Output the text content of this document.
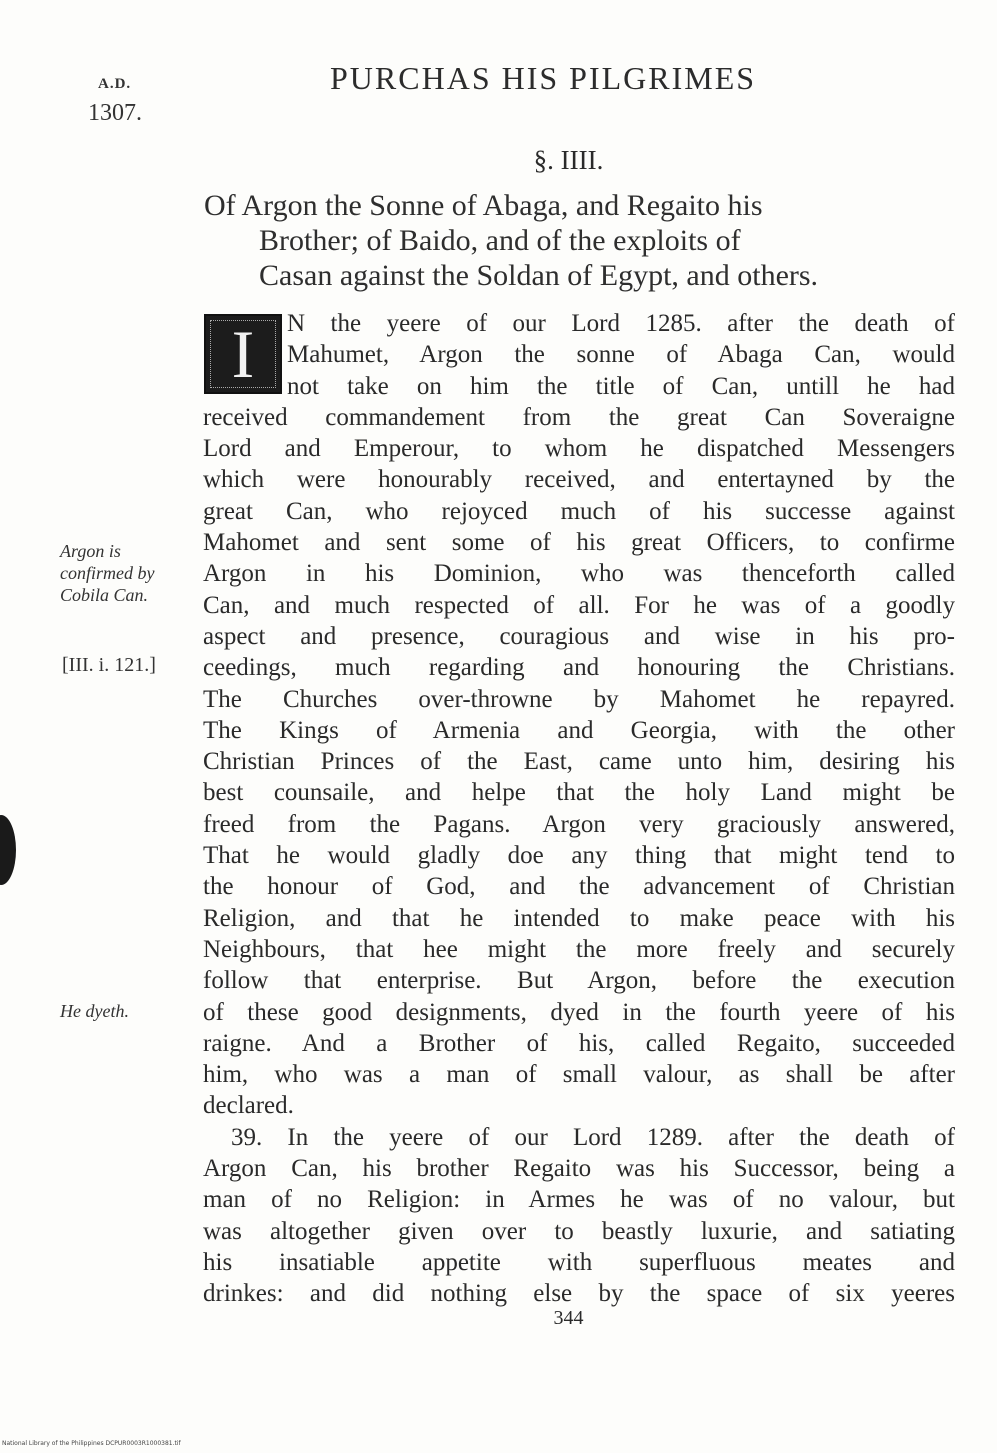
A.D.
1307.
PURCHAS HIS PILGRIMES
§. IIII.
Of Argon the Sonne of Abaga, and Regaito his
Brother; of Baido, and of the exploits of
Casan against the Soldan of Egypt, and others.
I	N the yeere of our Lord 1285. after the death of
Mahumet, Argon the sonne of Abaga Can, would
not take on him the title of Can, untill he had
received commandement from the great Can Soveraigne
Lord and Emperour, to whom he dispatched Messengers
which were honourably received, and entertayned by the
great Can, who rejoyced much of his successe against
Mahomet and sent some of his great Officers, to confirme
Argon in his Dominion, who was thenceforth called
Can, and much respected of all. For he was of a goodly
aspect and presence, couragious and wise in his pro-
ceedings, much regarding and honouring the Christians.
The Churches over-throwne by Mahomet he repayred.
The Kings of Armenia and Georgia, with the other
Christian Princes of the East, came unto him, desiring his
best counsaile, and helpe that the holy Land might be
freed from the Pagans. Argon very graciously answered,
That he would gladly doe any thing that might tend to
the honour of God, and the advancement of Christian
Religion, and that he intended to make peace with his
Neighbours, that hee might the more freely and securely
follow that enterprise. But Argon, before the execution
of these good designments, dyed in the fourth yeere of his
raigne. And a Brother of his, called Regaito, succeeded
him, who was a man of small valour, as shall be after
declared.
39. In the yeere of our Lord 1289. after the death of
Argon Can, his brother Regaito was his Successor, being a
man of no Religion: in Armes he was of no valour, but
was altogether given over to beastly luxurie, and satiating
his insatiable appetite with superfluous meates and
drinkes: and did nothing else by the space of six yeeres
Argon is
confirmed by
Cobila Can.
[III. i. 121.]
He dyeth.
344
National Library of the Philippines DCPUR0003R1000381.tif
